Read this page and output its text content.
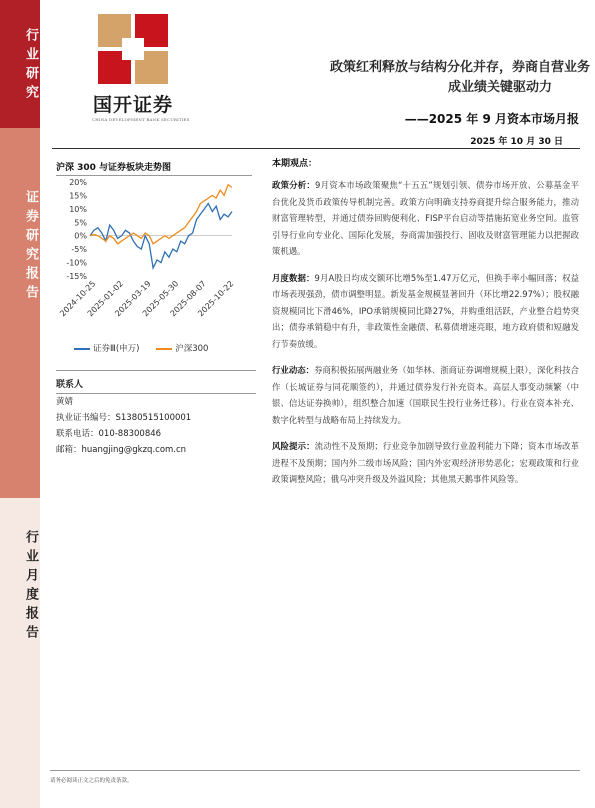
行业研究
证券研究报告
行业月度报告
国开证券
CHINA DEVELOPMENT BANK SECURITIES
政策红利释放与结构分化并存，券商自营业务
成业绩关键驱动力
——2025 年 9 月资本市场月报
2025 年 10 月 30 日
沪深 300 与证券板块走势图
20%
15%
10%
5%
0%
-5%
-10%
-15%
2024-10-25
2025-01-02
2025-03-19
2025-05-30
2025-08-07
2025-10-22
证券Ⅲ(申万)	沪深300
联系人
黄婧
执业证书编号：S1380515100001
联系电话：010-88300846
邮箱：huangjing@gkzq.com.cn
本期观点：
政策分析：9月资本市场政策聚焦“十五五”规划引领、债券市场开放、公募基金平台优化及货币政策传导机制完善。政策方向明确支持券商提升综合服务能力，推动财富管理转型，并通过债券回购便利化、FISP平台启动等措施拓宽业务空间。监管引导行业向专业化、国际化发展，券商需加强投行、固收及财富管理能力以把握政策机遇。
月度数据：9月A股日均成交额环比增5%至1.47万亿元，但换手率小幅回落；权益市场表现强劲，债市调整明显。新发基金规模显著回升（环比增22.97%）；股权融资规模同比下滑46%，IPO承销规模同比降27%，并购重组活跃，产业整合趋势突出；债券承销稳中有升，非政策性金融债、私募债增速亮眼，地方政府债和短融发行节奏放缓。
行业动态：券商积极拓展两融业务（如华林、浙商证券调增规模上限），深化科技合作（长城证券与同花顺签约），并通过债券发行补充资本。高层人事变动频繁（中银、信达证券换帅），组织整合加速（国联民生投行业务迁移）。行业在资本补充、数字化转型与战略布局上持续发力。
风险提示：流动性不及预期；行业竞争加剧导致行业盈利能力下降；资本市场改革进程不及预期；国内外二级市场风险；国内外宏观经济形势恶化；宏观政策和行业政策调整风险；俄乌冲突升级及外溢风险；其他黑天鹅事件风险等。
请务必阅读正文之后的免责条款。
